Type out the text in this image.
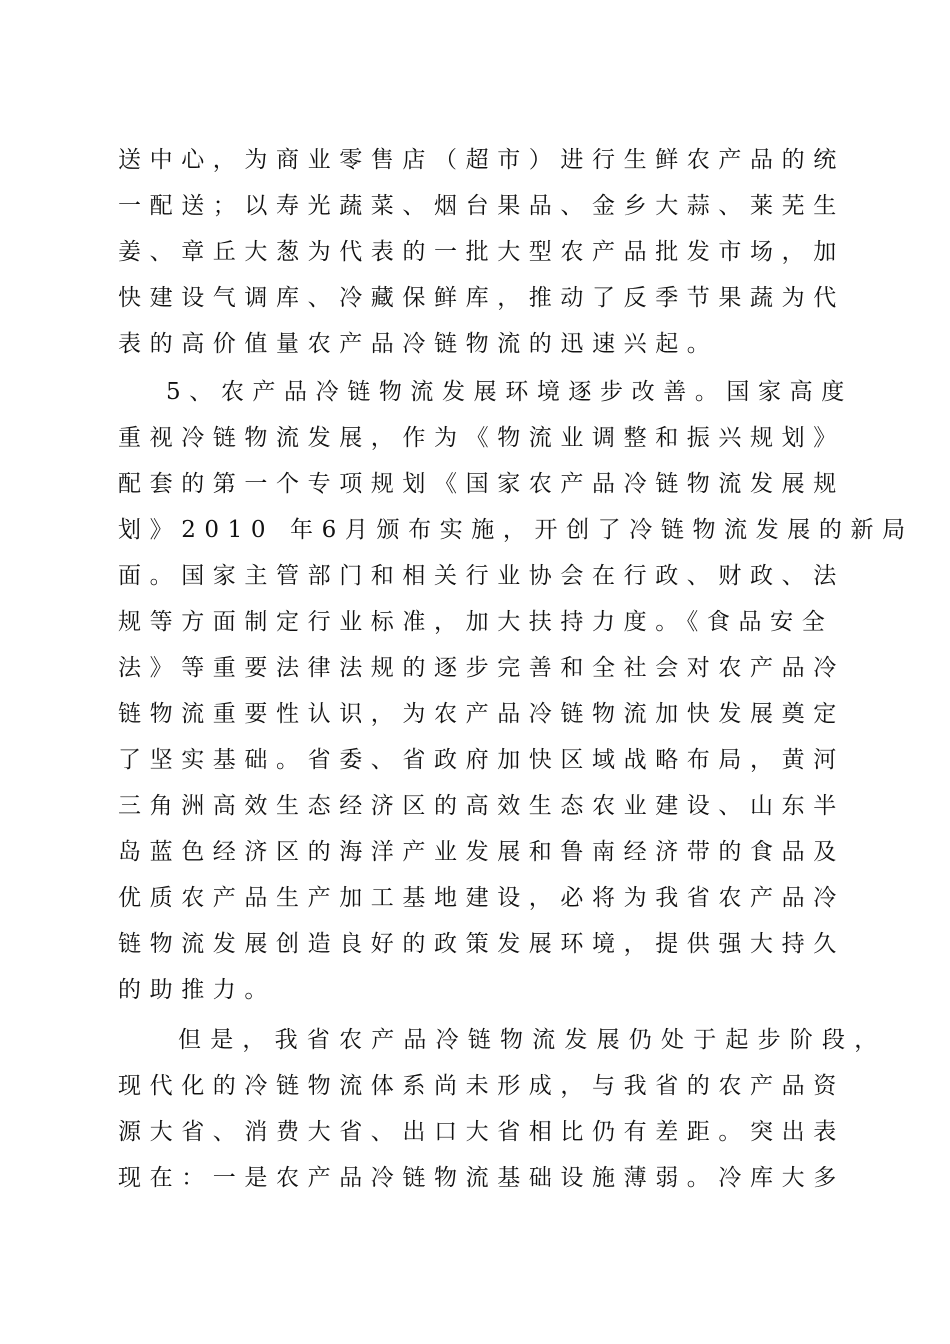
送中心，为商业零售店（超市）进行生鲜农产品的统
一配送；以寿光蔬菜、烟台果品、金乡大蒜、莱芜生
姜、章丘大葱为代表的一批大型农产品批发市场，加
快建设气调库、冷藏保鲜库，推动了反季节果蔬为代
表的高价值量农产品冷链物流的迅速兴起。
5、农产品冷链物流发展环境逐步改善。国家高度
重视冷链物流发展，作为《物流业调整和振兴规划》
配套的第一个专项规划《国家农产品冷链物流发展规
划》2010 年6月颁布实施，开创了冷链物流发展的新局
面。国家主管部门和相关行业协会在行政、财政、法
规等方面制定行业标准，加大扶持力度。《食品安全
法》等重要法律法规的逐步完善和全社会对农产品冷
链物流重要性认识，为农产品冷链物流加快发展奠定
了坚实基础。省委、省政府加快区域战略布局，黄河
三角洲高效生态经济区的高效生态农业建设、山东半
岛蓝色经济区的海洋产业发展和鲁南经济带的食品及
优质农产品生产加工基地建设，必将为我省农产品冷
链物流发展创造良好的政策发展环境，提供强大持久
的助推力。
但是，我省农产品冷链物流发展仍处于起步阶段，
现代化的冷链物流体系尚未形成，与我省的农产品资
源大省、消费大省、出口大省相比仍有差距。突出表
现在：一是农产品冷链物流基础设施薄弱。冷库大多
